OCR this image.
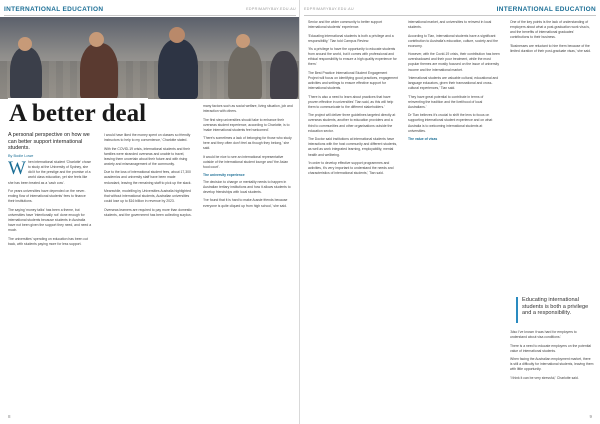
INTERNATIONAL EDUCATION	EDPRIMARYBAY.EDU.AU
A better deal
A personal perspective on how we can better support international students.
By Bodie Lowe

When international student 'Charlotte' chose to study at the University of Sydney, she did it for the prestige and the promise of a world class education, yet she feels like she has been treated as a 'cash cow'.

For years universities have depended on the never-ending flow of international students' fees to finance their institutions.

The saying 'money talks' has been a theme, but universities have 'intentionally not' done enough for international students because students in Australia have not been given the support they need, and need a much.

The universities' spending on education has been cut back, with students paying more for less support.

I would have liked the money spent on classes so friendly instructors to help to my convenience,' Charlotte stated.

With the COVID-19 crisis, international students and their families were stranded overseas and unable to travel, leaving them uncertain about their future and with rising anxiety and mismanagement of the community.

Due to the loss of international student fees, about 17,300 academics and university staff have been made redundant, leaving the remaining staff to pick up the slack.

Meanwhile, modelling by Universities Australia highlighted that without international students, Australian universities could lose up to $16 billion in revenue by 2023.

Overseas learners are required to pay more than domestic students, and the government has been collecting surplus.

many factors such as social welfare, living situation, job and interaction with others.

The first step universities should take to enhance their overseas student experience, according to Charlotte, is to 'make international students feel welcomed'.

'There's sometimes a lack of belonging for those who study here and they often don't feel as though they belong,' she said.

It would be nice to see an international representative outside of the international student lounge and 'the Asian food court'.

The university experience

The decision to change or mentality needs to happen in Australian tertiary institutions and how it allows students to develop friendships with local students.

'I've found that it is hard to make Aussie friends because everyone is quite cliqued up from high school,' she said.

8
EDPRIMARYBAY.EDU.AU	INTERNATIONAL EDUCATION

Senior and the wider community to better support international students' experience.

'Educating international students is both a privilege and a responsibility,' Tian told Campus Review.

'It's a privilege to have the opportunity to educate students from around the world, but it comes with professional and ethical responsibility to ensure a high quality experience for them.'

The Best Practice International Student Engagement Project will focus on identifying good practices, engagement activities and settings to ensure effective support for international students.

'There is also a need to learn about practices that have proven effective in universities' Tian said, as this will help them to communicate to the different stakeholders.'

The project will deliver three guidelines targeted directly at overseas students, another to education providers and a third to communities and other organisations outside the education sector.

The Doctor said institutions at international students have interactions with the host community and different students, as well as work integrated learning, employability, mental health and wellbeing.

'In order to develop effective support programmes and activities, it's very important to understand the needs and characteristics of international students,' Tian said.

international market, and universities to reinvest in local students.

According to Tian, international students have a significant contribution to Australia's education, culture, society and the economy.

However, with the Covid-19 crisis, their contribution has been overshadowed and their poor treatment, while the most popular themes are mostly focused on the issue of university income and the international market.

'International students are valuable cultural, educational and language educators, given their transnational and cross-cultural experiences,' Tian said.

'They have great potential to contribute in terms of reinventing the tradition and the livelihood of local Australians.'

Dr Tian believes it's crucial to shift the lens to focus on supporting international student experience and on what Australia is to welcoming international students at universities.

The value of visas

One of the key points is the lack of understanding of employers about what a post-graduation work visa is, and the benefits of international graduates' contributions to their business.

'Businesses are reluctant to hire them because of the limited duration of their post-graduate visas,' she said.

Educating international students is both a privilege and a responsibility.

'Also I've known it was hard for employers to understand about visa conditions.'

There is a need to educate employers on the potential value of international students.

When facing the Australian employment market, there is still a difficulty for international students, leaving them with little opportunity.

'I think it can be very stressful,' Charlotte said.

9
